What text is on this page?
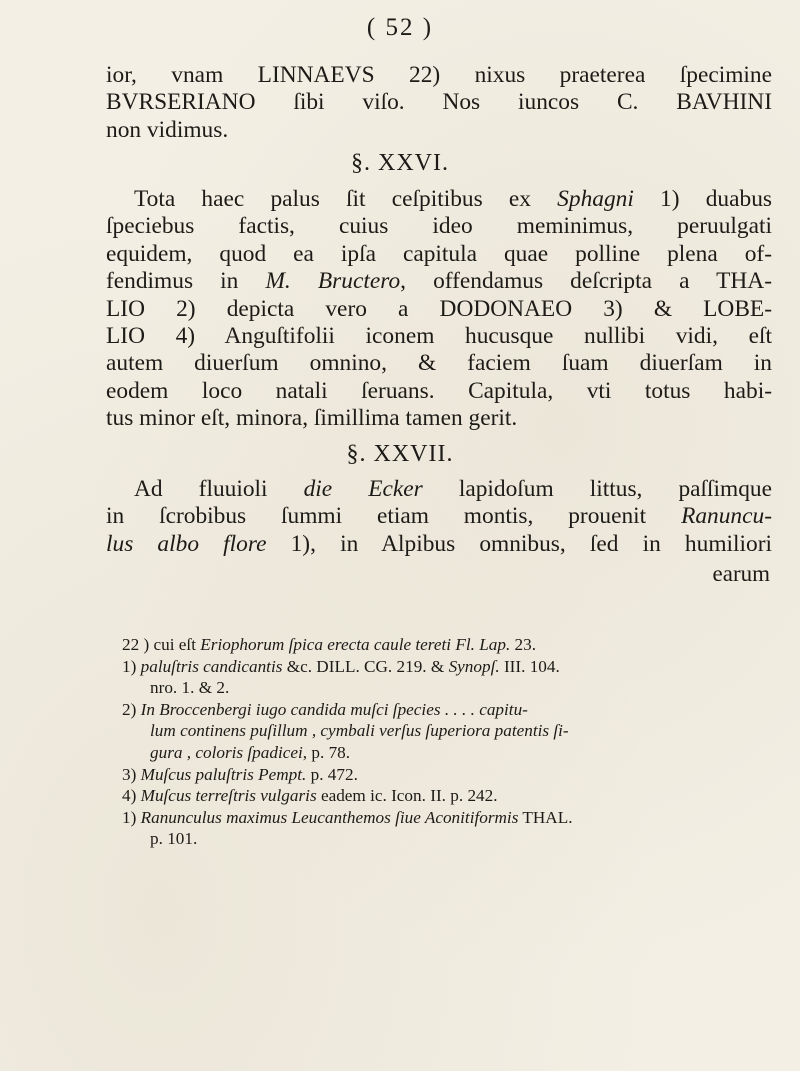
( 52 )
ior, vnam LINNAEVS 22) nixus praeterea ſpecimine
BVRSERIANO ſibi viſo. Nos iuncos C. BAVHINI
non vidimus.
§. XXVI.
Tota haec palus ſit ceſpitibus ex Sphagni 1) duabus
ſpeciebus factis, cuius ideo meminimus, peruulgati
equidem, quod ea ipſa capitula quae polline plena of-
fendimus in M. Bructero, offendamus deſcripta a THA-
LIO 2) depicta vero a DODONAEO 3) & LOBE-
LIO 4) Anguſtifolii iconem hucusque nullibi vidi, eſt
autem diuerſum omnino, & faciem ſuam diuerſam in
eodem loco natali ſeruans. Capitula, vti totus habi-
tus minor eſt, minora, ſimillima tamen gerit.
§. XXVII.
Ad fluuioli die Ecker lapidoſum littus, paſſimque
in ſcrobibus ſummi etiam montis, prouenit Ranuncu-
lus albo flore 1), in Alpibus omnibus, ſed in humiliori
earum
22 ) cui eſt Eriophorum ſpica erecta caule tereti Fl. Lap. 23.
1) paluſtris candicantis &c. DILL. CG. 219. & Synopſ. III. 104.
nro. 1. & 2.
2) In Broccenbergi iugo candida muſci ſpecies . . . . capitu-
lum continens puſillum , cymbali verſus ſuperiora patentis ſi-
gura , coloris ſpadicei, p. 78.
3) Muſcus paluſtris Pempt. p. 472.
4) Muſcus terreſtris vulgaris eadem ic. Icon. II. p. 242.
1) Ranunculus maximus Leucanthemos ſiue Aconitiformis THAL.
p. 101.
